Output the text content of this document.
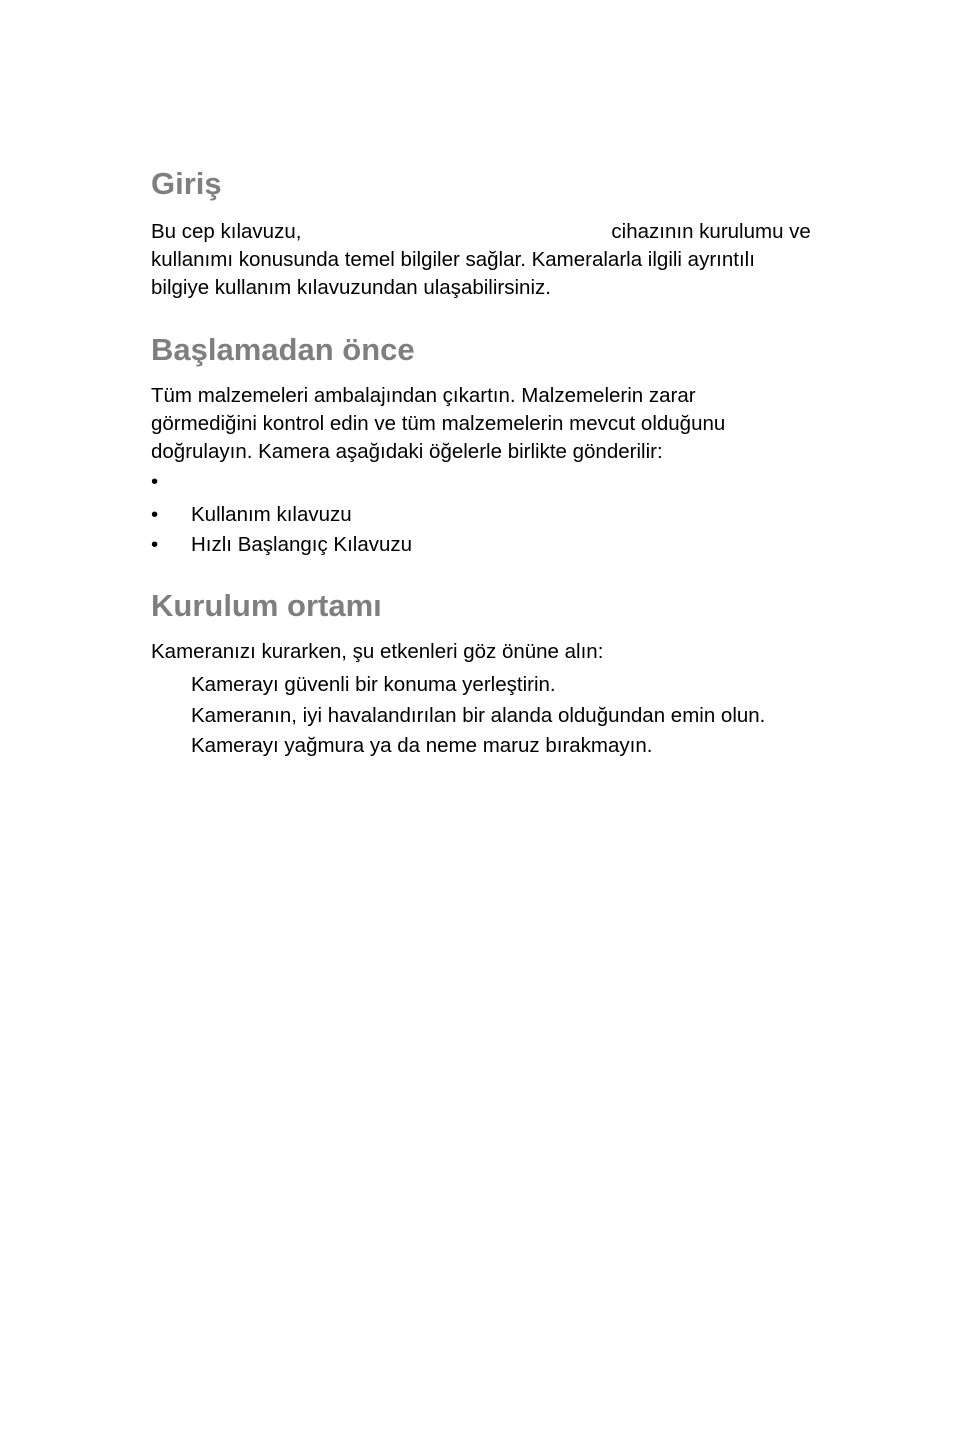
Giriş
Bu cep kılavuzu,	cihazının kurulumu ve
kullanımı konusunda temel bilgiler sağlar. Kameralarla ilgili ayrıntılı
bilgiye kullanım kılavuzundan ulaşabilirsiniz.
Başlamadan önce
Tüm malzemeleri ambalajından çıkartın. Malzemelerin zarar
görmediğini kontrol edin ve tüm malzemelerin mevcut olduğunu
doğrulayın. Kamera aşağıdaki öğelerle birlikte gönderilir:
•
•	Kullanım kılavuzu
•	Hızlı Başlangıç Kılavuzu
Kurulum ortamı
Kameranızı kurarken, şu etkenleri göz önüne alın:
Kamerayı güvenli bir konuma yerleştirin.
Kameranın, iyi havalandırılan bir alanda olduğundan emin olun.
Kamerayı yağmura ya da neme maruz bırakmayın.
